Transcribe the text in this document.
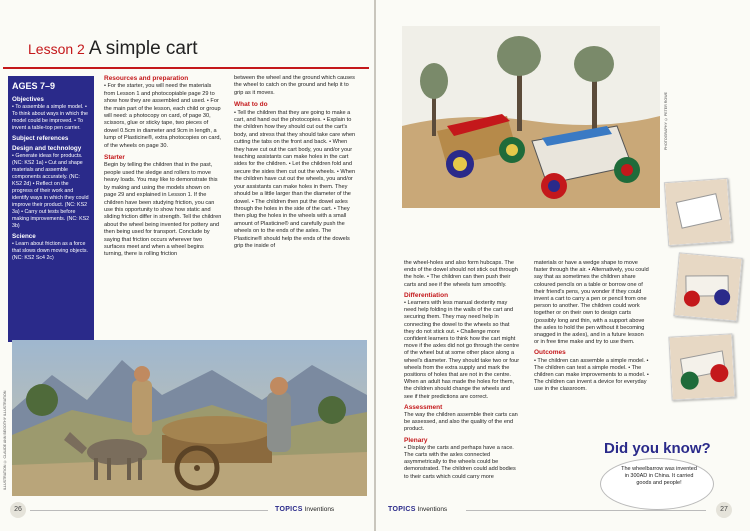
Lesson 2 A simple cart
AGES 7–9
Objectives

• To assemble a simple model. • To think about ways in which the model could be improved. • To invent a table-top pen carrier.

Subject references
Design and technology

• Generate ideas for products. (NC: KS2 1a) • Cut and shape materials and assemble components accurately. (NC: KS2 2d) • Reflect on the progress of their work and identify ways in which they could improve their product. (NC: KS2 3a) • Carry out tests before making improvements. (NC: KS2 3b)

Science

• Learn about friction as a force that slows down moving objects. (NC: KS2 Sc4 2c)

Resources and preparation

• For the starter, you will need the materials from Lesson 1 and photocopiable page 29 to show how they are assembled and used. • For the main part of the lesson, each child or group will need: a photocopy on card, of page 30, scissors, glue or sticky tape, two pieces of dowel 0.5cm in diameter and 9cm in length, a lump of Plasticine®, extra photocopies on card, of the wheels on page 30.

Starter

Begin by telling the children that in the past, people used the sledge and rollers to move heavy loads. You may like to demonstrate this by making and using the models shown on page 29 and explained in Lesson 1. If the children have been studying friction, you can use this opportunity to show how static and sliding friction differ in strength. Tell the children about the wheel being invented for pottery and then being used for transport. Conclude by saying that friction occurs wherever two surfaces meet and when a wheel begins turning, there is rolling friction

between the wheel and the ground which causes the wheel to catch on the ground and help it to grip as it moves.

What to do

• Tell the children that they are going to make a cart, and hand out the photocopies. • Explain to the children how they should cut out the cart's body, and stress that they should take care when cutting the tabs on the front and back. • When they have cut out the cart body, you and/or your teaching assistants can make holes in the cart sides for the children. • Let the children fold and secure the sides then cut out the wheels. • When the children have cut out the wheels, you and/or your assistants can make holes in them. They should be a little larger than the diameter of the dowel. • The children then put the dowel axles through the holes in the side of the cart. • They then plug the holes in the wheels with a small amount of Plasticine® and carefully push the wheels on to the ends of the axles. The Plasticine® should help the ends of the dowels grip the inside of

ILLUSTRATION © CLAUDE ANN BEGOTHY ILLUSTRATION
26	TOPICS Inventions
PHOTOGRAPHY © PETER ROWE

the wheel-holes and also form hubcaps. The ends of the dowel should not stick out through the hole. • The children can then push their carts and see if the wheels turn smoothly.

Differentiation

• Learners with less manual dexterity may need help folding in the walls of the cart and securing them. They may need help in connecting the dowel to the wheels so that they do not stick out. • Challenge more confident learners to think how the cart might move if the axles did not go through the centre of the wheel but at some other place along a wheel's diameter. They should take two or four wheels from the extra supply and mark the positions of holes that are not in the centre. When an adult has made the holes for them, the children should change the wheels and see if their predictions are correct.

Assessment

The way the children assemble their carts can be assessed, and also the quality of the end product.

Plenary

• Display the carts and perhaps have a race. The carts with the axles connected asymmetrically to the wheels could be demonstrated. The children could add bodies to their carts which could carry more

materials or have a wedge shape to move faster through the air. • Alternatively, you could say that as sometimes the children share coloured pencils on a table or borrow one of their friend's pens, you wonder if they could invent a cart to carry a pen or pencil from one person to another. The children could work together or on their own to design carts (possibly long and thin, with a support above the axles to hold the pen without it becoming snagged in the axles), and in a future lesson or in free time make and try to use them.

Outcomes

• The children can assemble a simple model. • The children can test a simple model. • The children can make improvements to a model. • The children can invent a device for everyday use in the classroom.

Did you know?
The wheelbarrow was invented in 300AD in China. It carried goods and people!
TOPICS Inventions	27
